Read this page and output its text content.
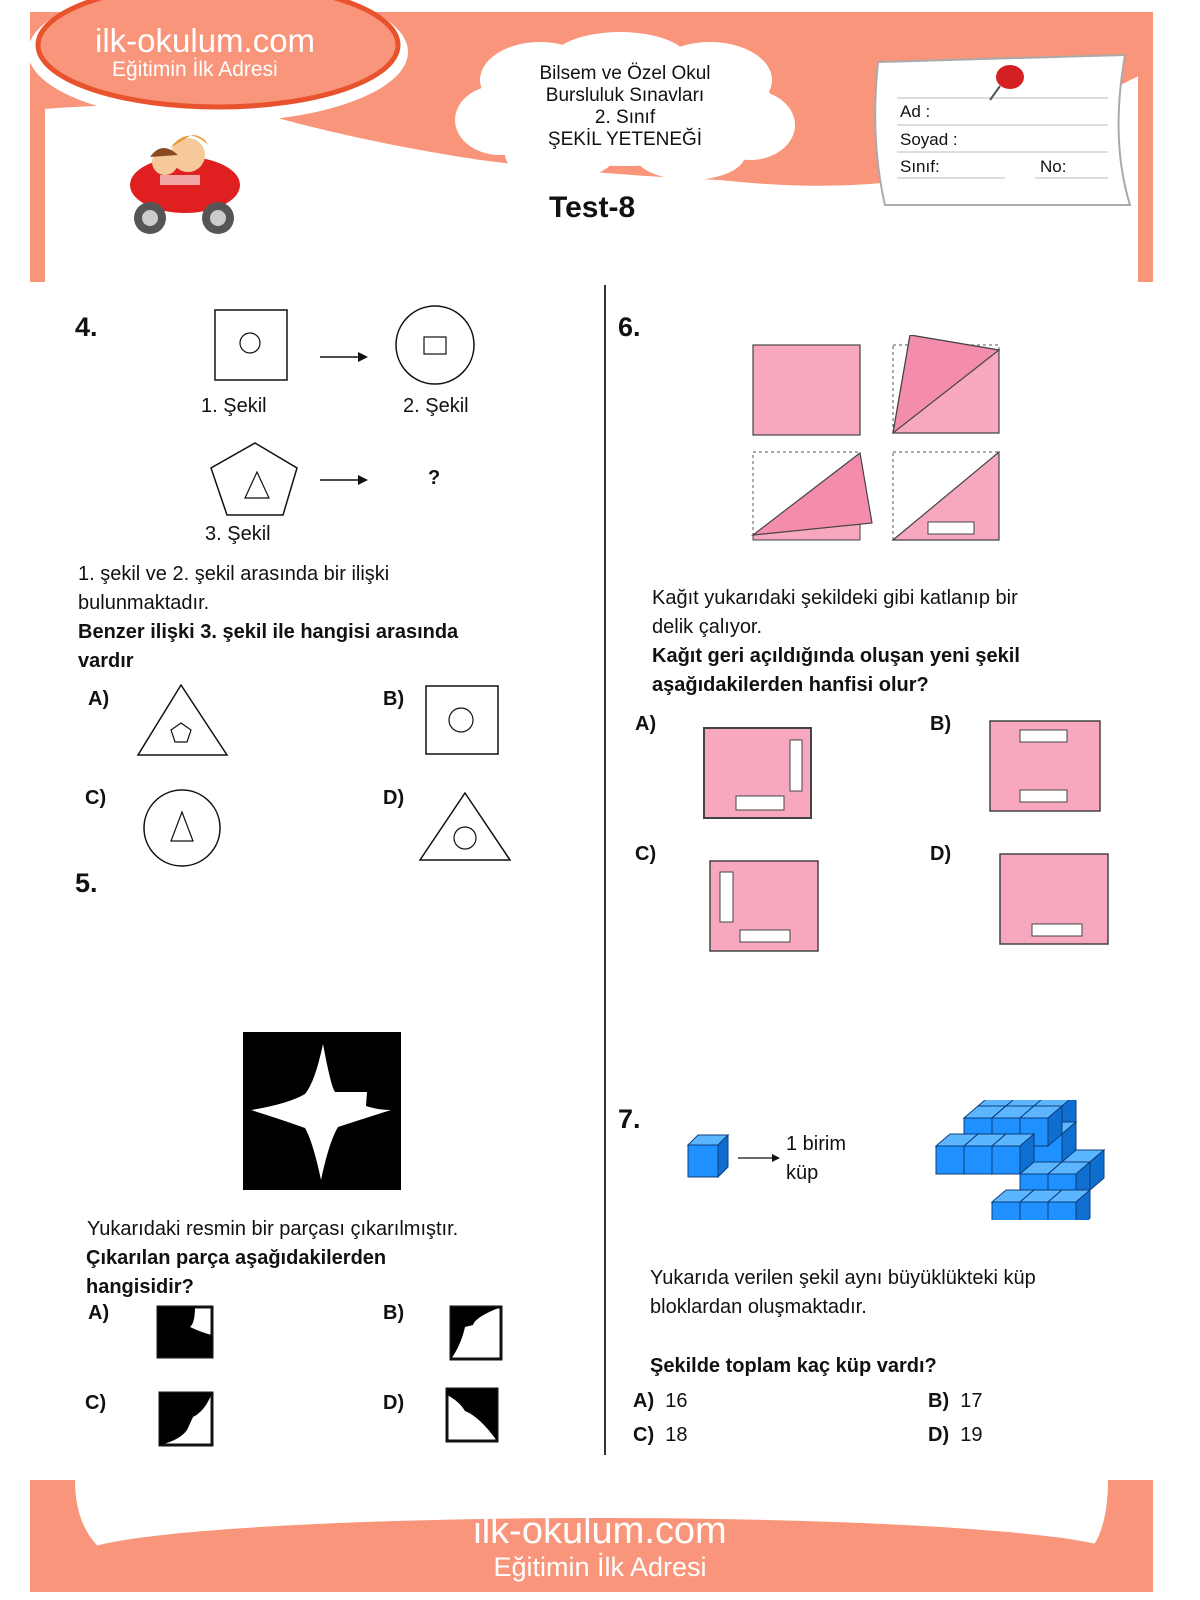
ilk-okulum.com
Eğitimin İlk Adresi	Bilsem ve Özel Okul
Bursluluk Sınavları
2. Sınıf
ŞEKİL YETENEĞİ
Test-8
Ad :
Soyad :
Sınıf:	No:
4.
1. Şekil	2. Şekil
?
3. Şekil
1. şekil ve 2. şekil arasında bir ilişki
bulunmaktadır.
Benzer ilişki 3. şekil ile hangisi arasında
vardır
A)	B)
C)	D)
5.
Yukarıdaki resmin bir parçası çıkarılmıştır.
Çıkarılan parça aşağıdakilerden
hangisidir?
A)	B)
C)	D)
6.
Kağıt yukarıdaki şekildeki gibi katlanıp bir
delik çalıyor.
Kağıt geri açıldığında oluşan yeni şekil
aşağıdakilerden hanfisi olur?
A)	B)
C)	D)
7.
1 birim
küp
Yukarıda verilen şekil aynı büyüklükteki küp
bloklardan oluşmaktadır.
Şekilde toplam kaç küp vardı?
A) 16	B) 17
C) 18	D) 19
ilk-okulum.com
Eğitimin İlk Adresi
